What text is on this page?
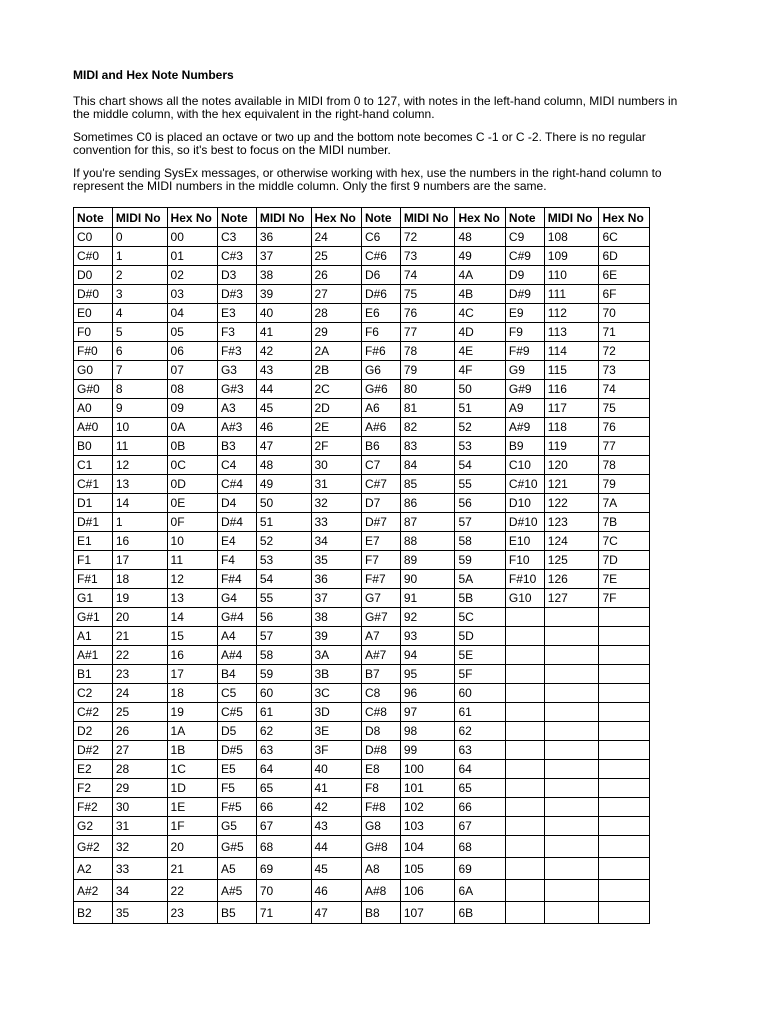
MIDI and Hex Note Numbers

This chart shows all the notes available in MIDI from 0 to 127, with notes in the left-hand column, MIDI numbers in the middle column, with the hex equivalent in the right-hand column.

Sometimes C0 is placed an octave or two up and the bottom note becomes C -1 or C -2. There is no regular convention for this, so it's best to focus on the MIDI number.

If you're sending SysEx messages, or otherwise working with hex, use the numbers in the right-hand column to represent the MIDI numbers in the middle column. Only the first 9 numbers are the same.

Note	MIDI No	Hex No	Note	MIDI No	Hex No	Note	MIDI No	Hex No	Note	MIDI No	Hex No
C0	0	00	C3	36	24	C6	72	48	C9	108	6C
C#0	1	01	C#3	37	25	C#6	73	49	C#9	109	6D
D0	2	02	D3	38	26	D6	74	4A	D9	110	6E
D#0	3	03	D#3	39	27	D#6	75	4B	D#9	111	6F
E0	4	04	E3	40	28	E6	76	4C	E9	112	70
F0	5	05	F3	41	29	F6	77	4D	F9	113	71
F#0	6	06	F#3	42	2A	F#6	78	4E	F#9	114	72
G0	7	07	G3	43	2B	G6	79	4F	G9	115	73
G#0	8	08	G#3	44	2C	G#6	80	50	G#9	116	74
A0	9	09	A3	45	2D	A6	81	51	A9	117	75
A#0	10	0A	A#3	46	2E	A#6	82	52	A#9	118	76
B0	11	0B	B3	47	2F	B6	83	53	B9	119	77
C1	12	0C	C4	48	30	C7	84	54	C10	120	78
C#1	13	0D	C#4	49	31	C#7	85	55	C#10	121	79
D1	14	0E	D4	50	32	D7	86	56	D10	122	7A
D#1	1	0F	D#4	51	33	D#7	87	57	D#10	123	7B
E1	16	10	E4	52	34	E7	88	58	E10	124	7C
F1	17	11	F4	53	35	F7	89	59	F10	125	7D
F#1	18	12	F#4	54	36	F#7	90	5A	F#10	126	7E
G1	19	13	G4	55	37	G7	91	5B	G10	127	7F
G#1	20	14	G#4	56	38	G#7	92	5C			
A1	21	15	A4	57	39	A7	93	5D			
A#1	22	16	A#4	58	3A	A#7	94	5E			
B1	23	17	B4	59	3B	B7	95	5F			
C2	24	18	C5	60	3C	C8	96	60			
C#2	25	19	C#5	61	3D	C#8	97	61			
D2	26	1A	D5	62	3E	D8	98	62			
D#2	27	1B	D#5	63	3F	D#8	99	63			
E2	28	1C	E5	64	40	E8	100	64			
F2	29	1D	F5	65	41	F8	101	65			
F#2	30	1E	F#5	66	42	F#8	102	66			
G2	31	1F	G5	67	43	G8	103	67			
G#2	32	20	G#5	68	44	G#8	104	68			
A2	33	21	A5	69	45	A8	105	69			
A#2	34	22	A#5	70	46	A#8	106	6A			
B2	35	23	B5	71	47	B8	107	6B			
